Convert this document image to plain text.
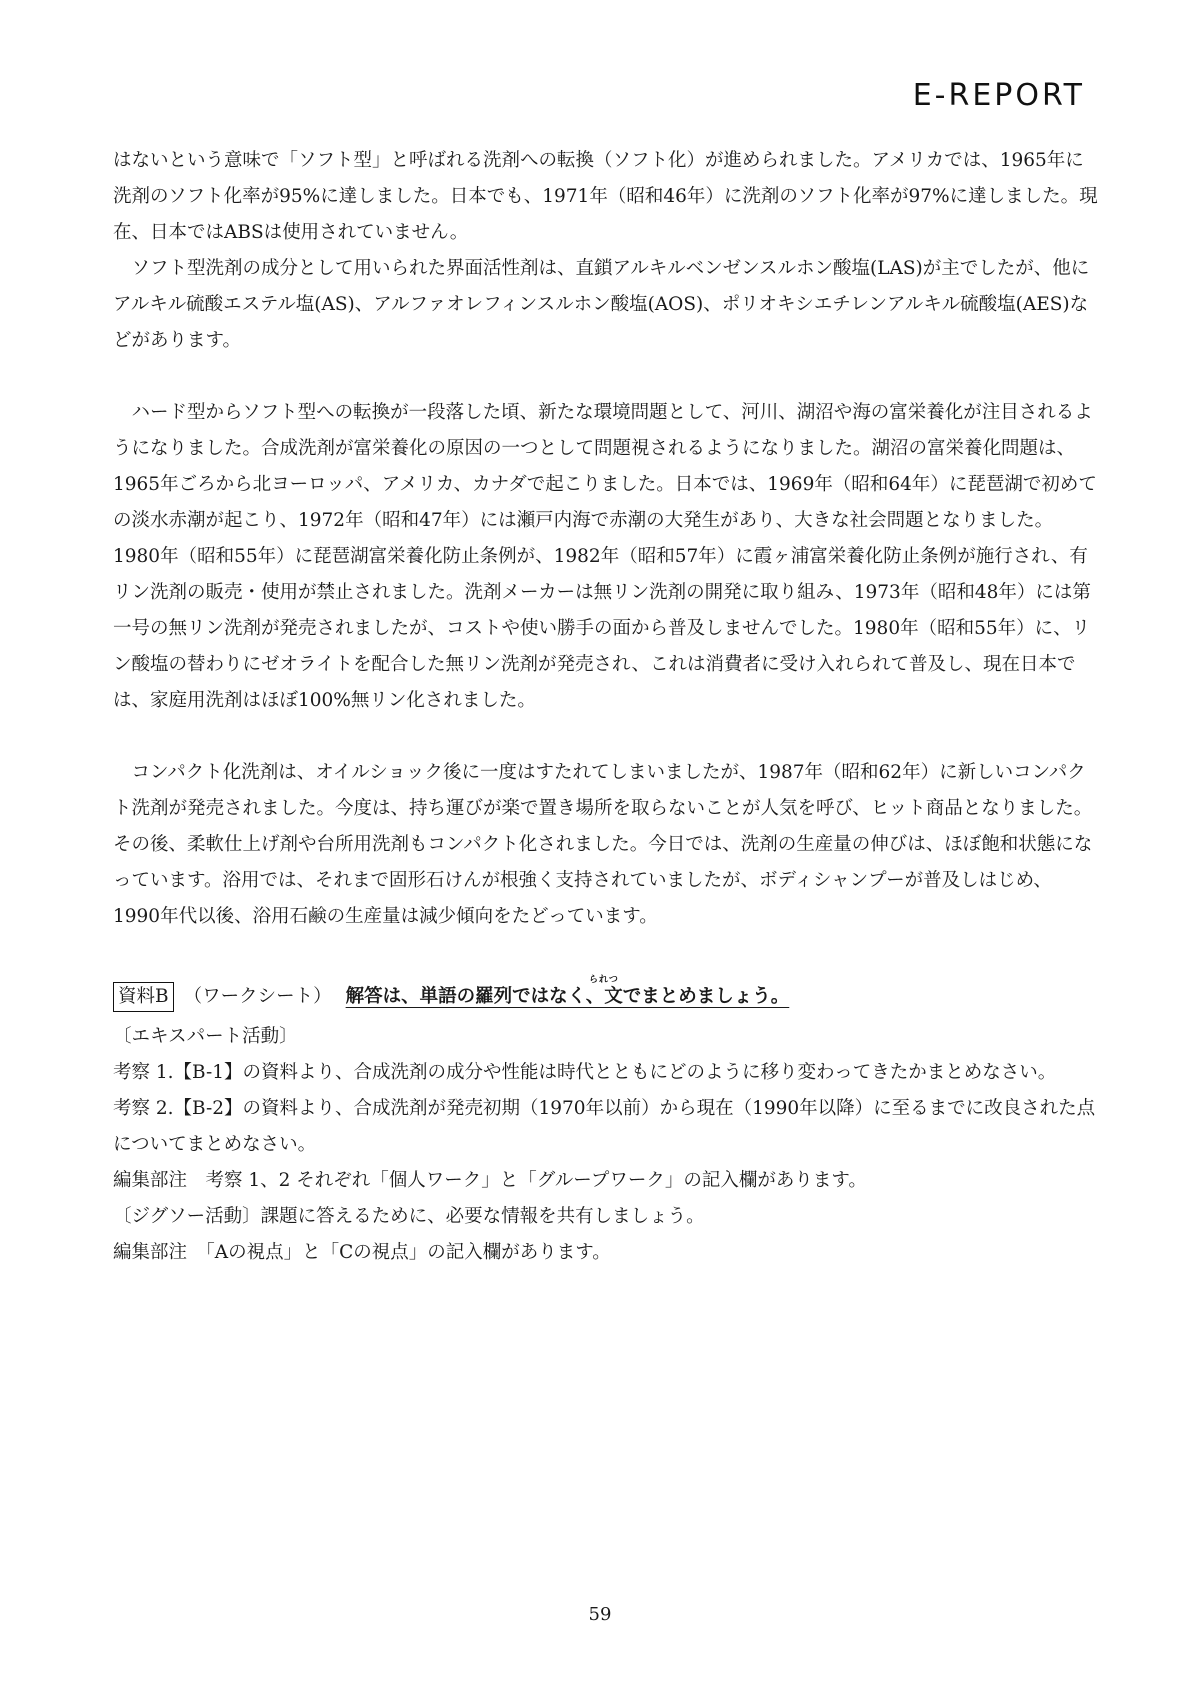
E-REPORT

はないという意味で「ソフト型」と呼ばれる洗剤への転換（ソフト化）が進められました。アメリカでは、1965年に洗剤のソフト化率が95%に達しました。日本でも、1971年（昭和46年）に洗剤のソフト化率が97%に達しました。現在、日本ではABSは使用されていません。

ソフト型洗剤の成分として用いられた界面活性剤は、直鎖アルキルベンゼンスルホン酸塩(LAS)が主でしたが、他にアルキル硫酸エステル塩(AS)、アルファオレフィンスルホン酸塩(AOS)、ポリオキシエチレンアルキル硫酸塩(AES)などがあります。

ハード型からソフト型への転換が一段落した頃、新たな環境問題として、河川、湖沼や海の富栄養化が注目されるようになりました。合成洗剤が富栄養化の原因の一つとして問題視されるようになりました。湖沼の富栄養化問題は、1965年ごろから北ヨーロッパ、アメリカ、カナダで起こりました。日本では、1969年（昭和64年）に琵琶湖で初めての淡水赤潮が起こり、1972年（昭和47年）には瀬戸内海で赤潮の大発生があり、大きな社会問題となりました。1980年（昭和55年）に琵琶湖富栄養化防止条例が、1982年（昭和57年）に霞ヶ浦富栄養化防止条例が施行され、有リン洗剤の販売・使用が禁止されました。洗剤メーカーは無リン洗剤の開発に取り組み、1973年（昭和48年）には第一号の無リン洗剤が発売されましたが、コストや使い勝手の面から普及しませんでした。1980年（昭和55年）に、リン酸塩の替わりにゼオライトを配合した無リン洗剤が発売され、これは消費者に受け入れられて普及し、現在日本では、家庭用洗剤はほぼ100%無リン化されました。

コンパクト化洗剤は、オイルショック後に一度はすたれてしまいましたが、1987年（昭和62年）に新しいコンパクト洗剤が発売されました。今度は、持ち運びが楽で置き場所を取らないことが人気を呼び、ヒット商品となりました。その後、柔軟仕上げ剤や台所用洗剤もコンパクト化されました。今日では、洗剤の生産量の伸びは、ほぼ飽和状態になっています。浴用では、それまで固形石けんが根強く支持されていましたが、ボディシャンプーが普及しはじめ、1990年代以後、浴用石鹸の生産量は減少傾向をたどっています。

資料B （ワークシート） 解答は、単語の羅列ではなく、文でまとめましょう。
られつ

〔エキスパート活動〕

考察 1.【B-1】の資料より、合成洗剤の成分や性能は時代とともにどのように移り変わってきたかまとめなさい。

考察 2.【B-2】の資料より、合成洗剤が発売初期（1970年以前）から現在（1990年以降）に至るまでに改良された点についてまとめなさい。

編集部注　考察 1、2 それぞれ「個人ワーク」と「グループワーク」の記入欄があります。

〔ジグソー活動〕課題に答えるために、必要な情報を共有しましょう。

編集部注　「Aの視点」と「Cの視点」の記入欄があります。

59
